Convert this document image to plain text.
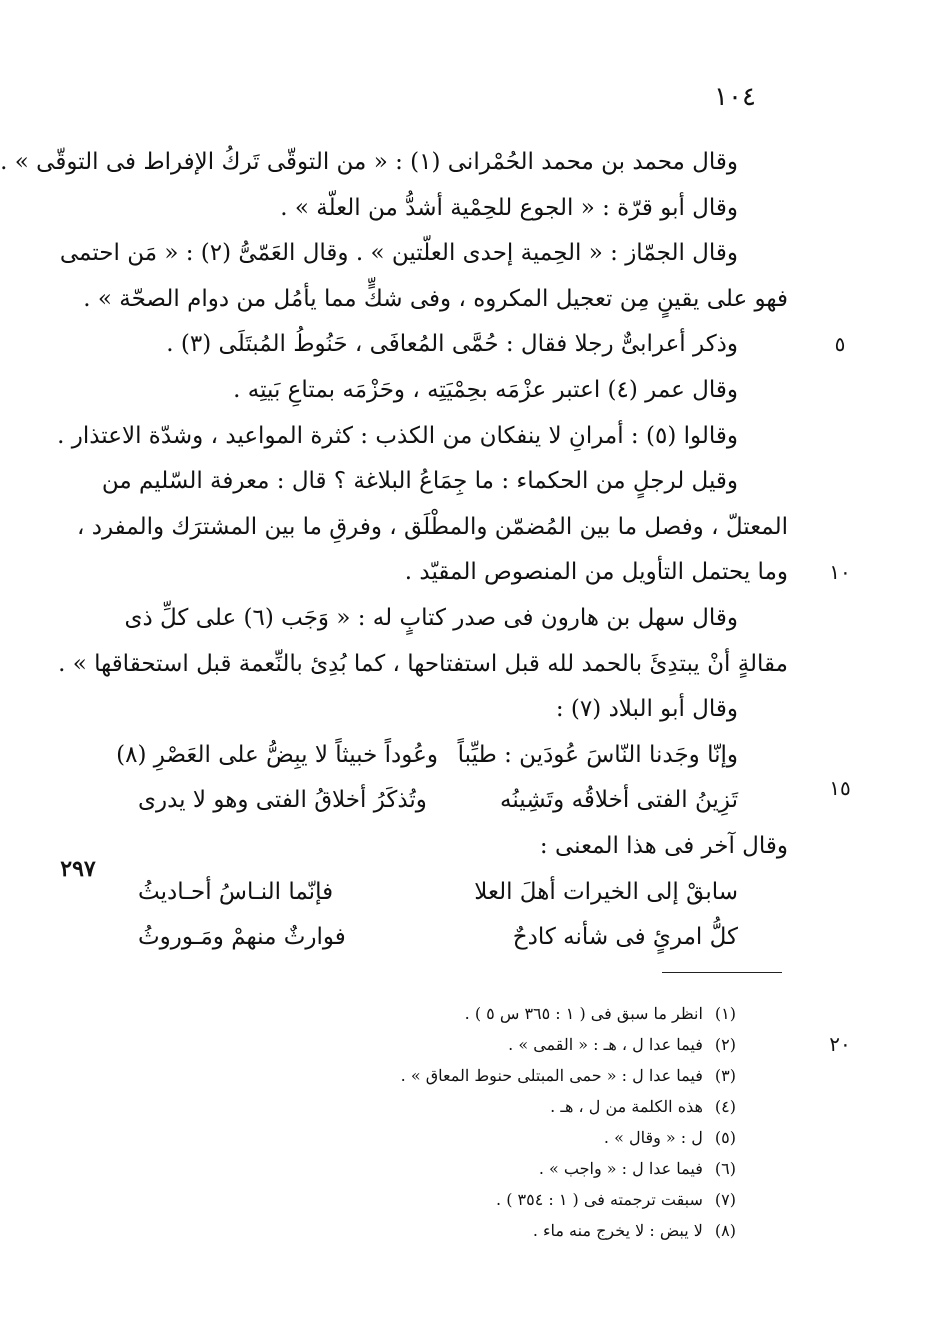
١٠٤
٥
١٠
١٥
٢٠
٢٩٧
وقال محمد بن محمد الحُمْرانى (١) : « من التوقّى تَركُ الإفراط فى التوقّى » .
وقال أبو قرّة : « الجوع للحِمْية أشدُّ من العلّة » .
وقال الجمّاز : « الحِمية إحدى العلّتين » . وقال العَمّىُّ (٢) : « مَن احتمى
فهو على يقينٍ مِن تعجيل المكروه ، وفى شكٍّ مما يأمُل من دوام الصحّة » .
وذكر أعرابىٌّ رجلا فقال : حُمَّى المُعافَى ، حَنُوطُ المُبتَلَى (٣) .
وقال عمر (٤) اعتبر عزْمَه بحِمْيَتِه ، وحَزْمَه بمتاعِ بَيتِه .
وقالوا (٥) : أمرانِ لا ينفكان من الكذب : كثرة المواعيد ، وشدّة الاعتذار .
وقيل لرجلٍ من الحكماء : ما جِمَاعُ البلاغة ؟ قال : معرفة السّليم من
المعتلّ ، وفصل ما بين المُضمّن والمطْلَق ، وفرقِ ما بين المشترَك والمفرد ،
وما يحتمل التأويل من المنصوص المقيّد .
وقال سهل بن هارون فى صدر كتابٍ له : « وَجَب (٦) على كلِّ ذى
مقالةٍ أنْ يبتدِئَ بالحمد لله قبل استفتاحها ، كما بُدِئ بالنِّعمة قبل استحقاقها » .
وقال أبو البلاد (٧) :
وإنّا وجَدنا النّاسَ عُودَين : طيِّباً
وعُوداً خبيثاً لا يبِضُّ على العَصْرِ (٨)
تَزِينُ الفتى أخلاقُه وتَشِينُه
وتُذكَرُ أخلاقُ الفتى وهو لا يدرى
وقال آخر فى هذا المعنى :
سابقْ إلى الخيرات أهلَ العلا
فإنّما النـاسُ أحـاديثُ
كلُّ امرئٍ فى شأنه كادحٌ
فوارثٌ منهمْ ومَـوروثُ
(١) انظر ما سبق فى ( ١ : ٣٦٥ س ٥ ) .
(٢) فيما عدا ل ، هـ : « القمى » .
(٣) فيما عدا ل : « حمى المبتلى حنوط المعاق » .
(٤) هذه الكلمة من ل ، هـ .
(٥) ل : « وقال » .
(٦) فيما عدا ل : « واجب » .
(٧) سبقت ترجمته فى ( ١ : ٣٥٤ ) .
(٨) لا يبض : لا يخرج منه ماء .
